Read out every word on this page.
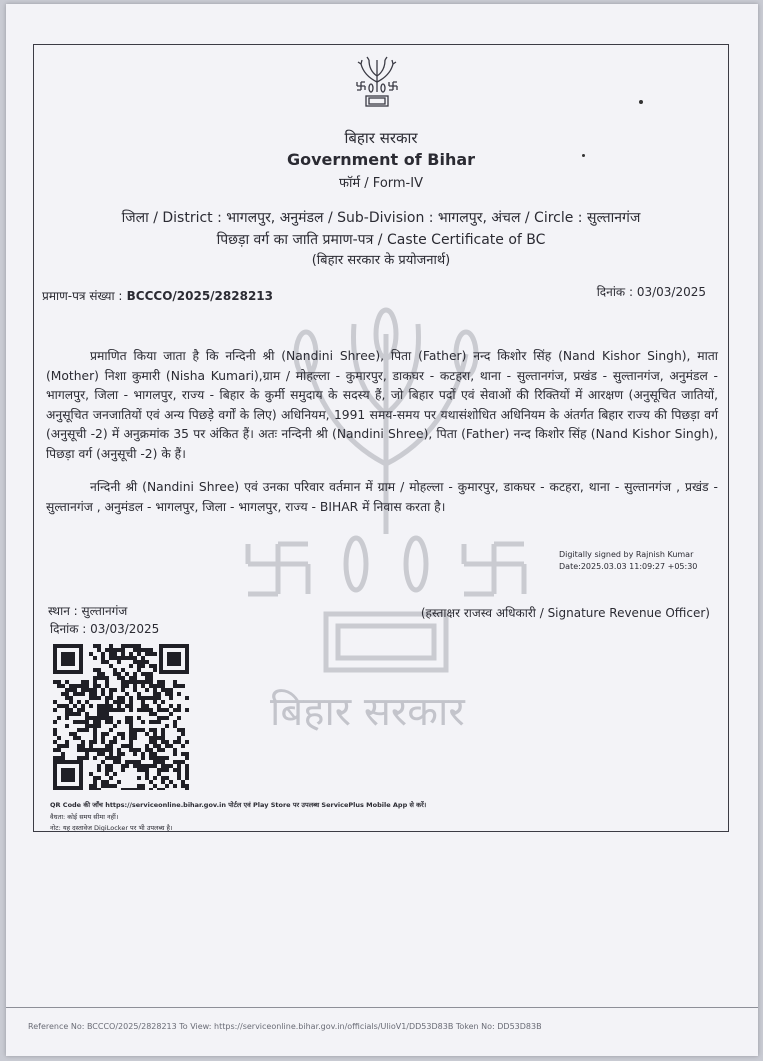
बिहार सरकार
बिहार सरकार
Government of Bihar
फॉर्म / Form-IV
जिला / District : भागलपुर, अनुमंडल / Sub-Division : भागलपुर, अंचल / Circle : सुल्तानगंज
पिछड़ा वर्ग का जाति प्रमाण-पत्र / Caste Certificate of BC
(बिहार सरकार के प्रयोजनार्थ)
प्रमाण-पत्र संख्या : BCCCO/2025/2828213	दिनांक : 03/03/2025

प्रमाणित किया जाता है कि नन्दिनी श्री (Nandini Shree), पिता (Father) नन्द किशोर सिंह (Nand Kishor Singh), माता (Mother) निशा कुमारी (Nisha Kumari),ग्राम / मोहल्ला - कुमारपुर, डाकघर - कटहरा, थाना - सुल्तानगंज, प्रखंड - सुल्तानगंज, अनुमंडल - भागलपुर, जिला - भागलपुर, राज्य - बिहार के कुर्मी समुदाय के सदस्य हैं, जो बिहार पदों एवं सेवाओं की रिक्तियों में आरक्षण (अनुसूचित जातियों, अनुसूचित जनजातियों एवं अन्य पिछड़े वर्गों के लिए) अधिनियम, 1991 समय-समय पर यथासंशोधित अधिनियम के अंतर्गत बिहार राज्य की पिछड़ा वर्ग (अनुसूची -2) में अनुक्रमांक 35 पर अंकित हैं। अतः नन्दिनी श्री (Nandini Shree), पिता (Father) नन्द किशोर सिंह (Nand Kishor Singh), पिछड़ा वर्ग (अनुसूची -2) के हैं।

नन्दिनी श्री (Nandini Shree) एवं उनका परिवार वर्तमान में ग्राम / मोहल्ला - कुमारपुर, डाकघर - कटहरा, थाना - सुल्तानगंज , प्रखंड - सुल्तानगंज , अनुमंडल - भागलपुर, जिला - भागलपुर, राज्य - BIHAR में निवास करता है।

Digitally signed by Rajnish Kumar
Date:2025.03.03 11:09:27 +05:30
(हस्ताक्षर राजस्व अधिकारी / Signature Revenue Officer)
स्थान : सुल्तानगंज
दिनांक : 03/03/2025
QR Code की जाँच https://serviceonline.bihar.gov.in पोर्टल एवं Play Store पर उपलब्ध ServicePlus Mobile App से करें।
वैधता: कोई समय सीमा नहीं।
नोट: यह दस्तावेज DigiLocker पर भी उपलब्ध है।
Reference No: BCCCO/2025/2828213 To View: https://serviceonline.bihar.gov.in/officials/UlioV1/DD53D83B Token No: DD53D83B
